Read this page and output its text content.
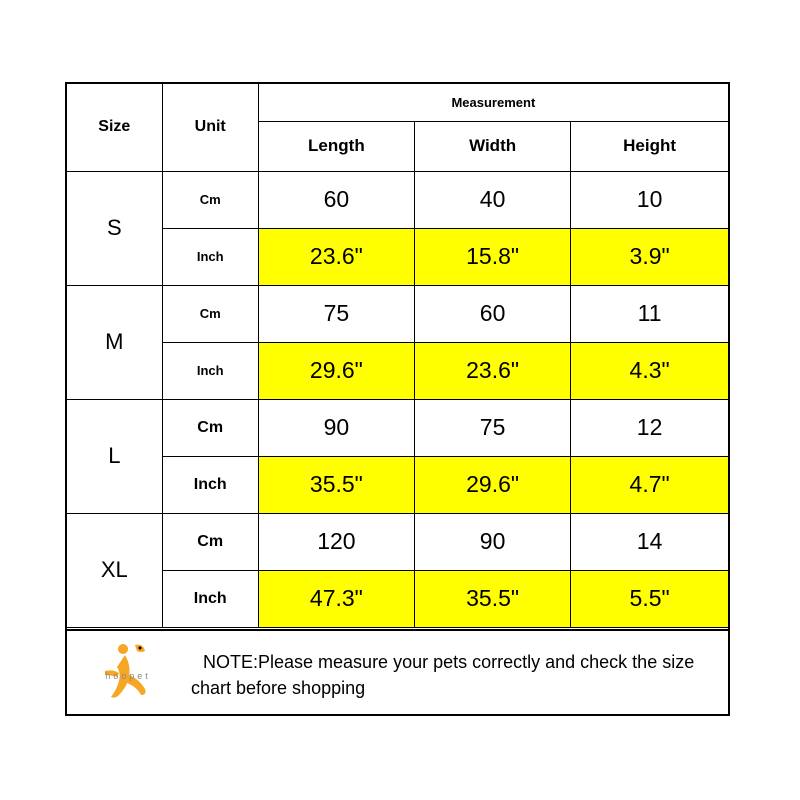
Size	Unit	Measurement		
		Length	Width	Height
S	Cm	60	40	10
	Inch	23.6"	15.8"	3.9"
M	Cm	75	60	11
	Inch	29.6"	23.6"	4.3"
L	Cm	90	75	12
	Inch	35.5"	29.6"	4.7"
XL	Cm	120	90	14
	Inch	47.3"	35.5"	5.5"
hoopet
NOTE:Please measure your pets correctly and check the size chart before shopping
